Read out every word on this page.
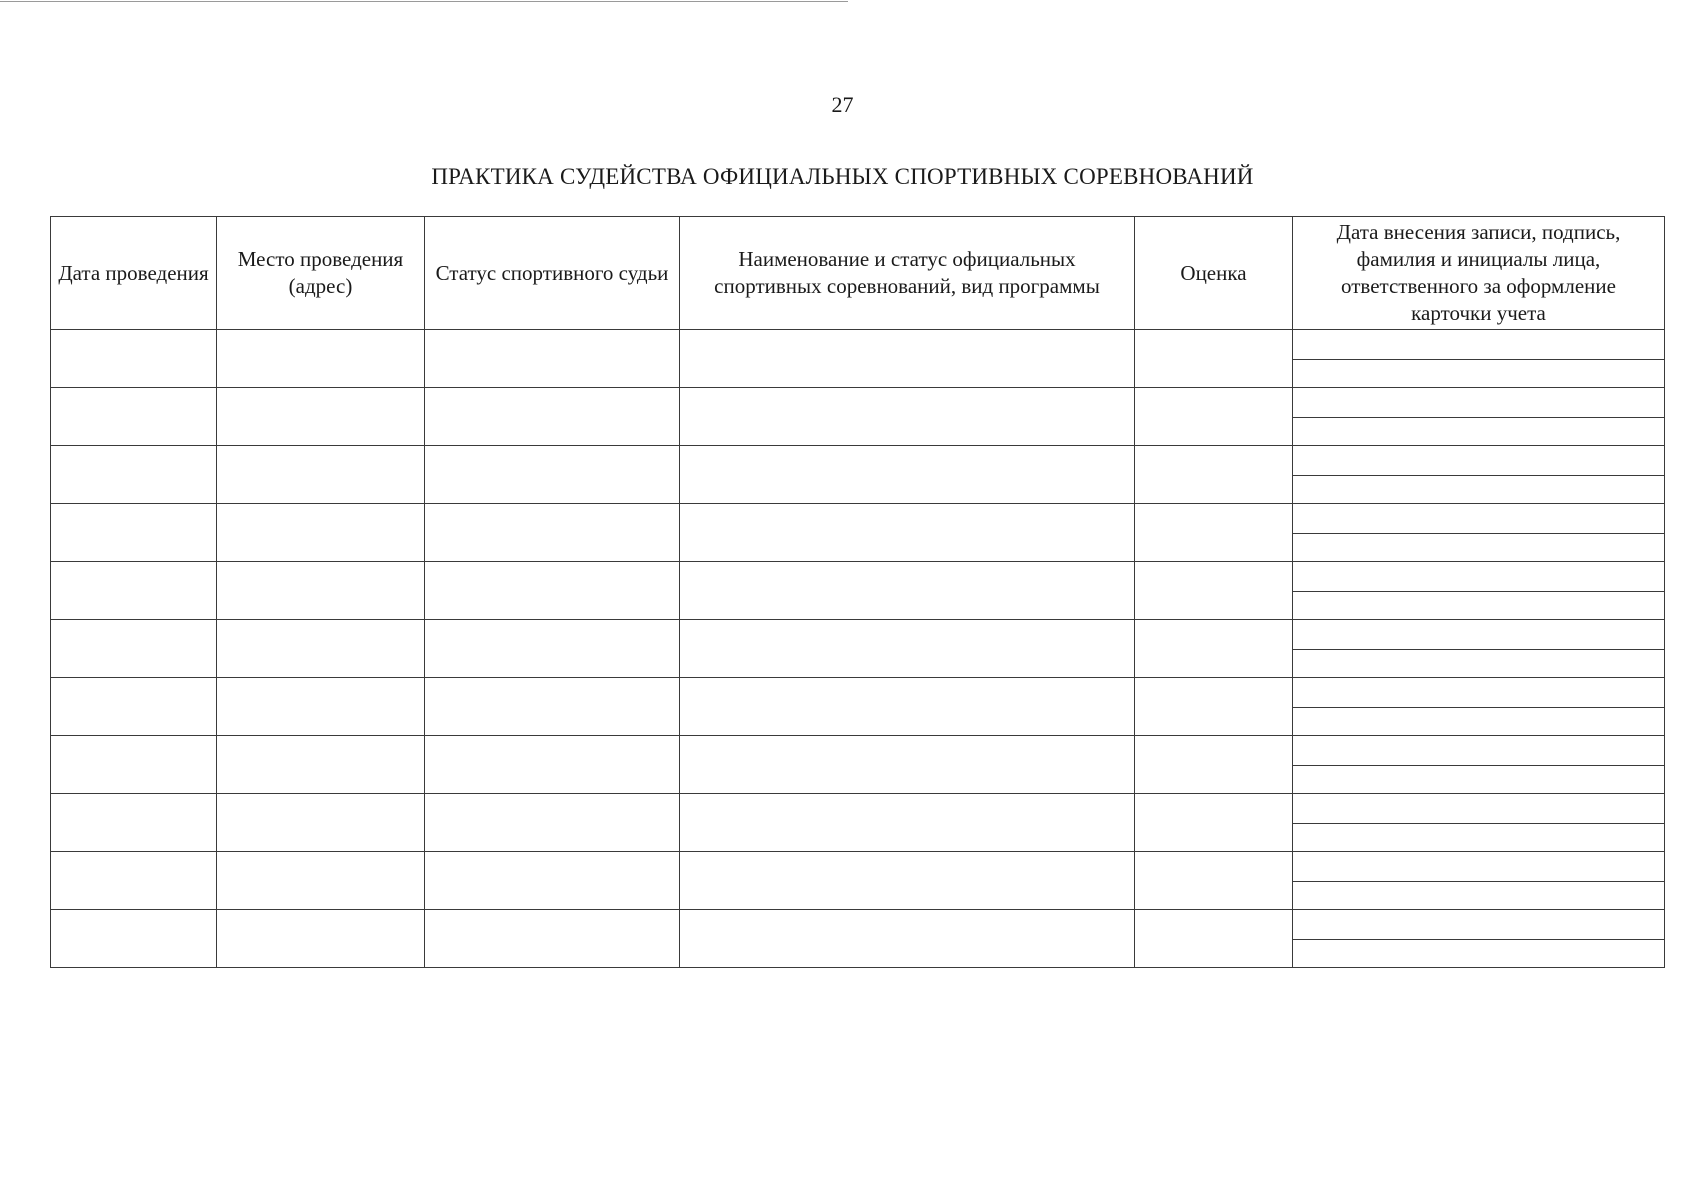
27
ПРАКТИКА СУДЕЙСТВА ОФИЦИАЛЬНЫХ СПОРТИВНЫХ СОРЕВНОВАНИЙ
Дата проведения	Место проведения (адрес)	Статус спортивного судьи	Наименование и статус официальных спортивных соревнований, вид программы	Оценка	Дата внесения записи, подпись, фамилия и инициалы лица, ответственного за оформление карточки учета
